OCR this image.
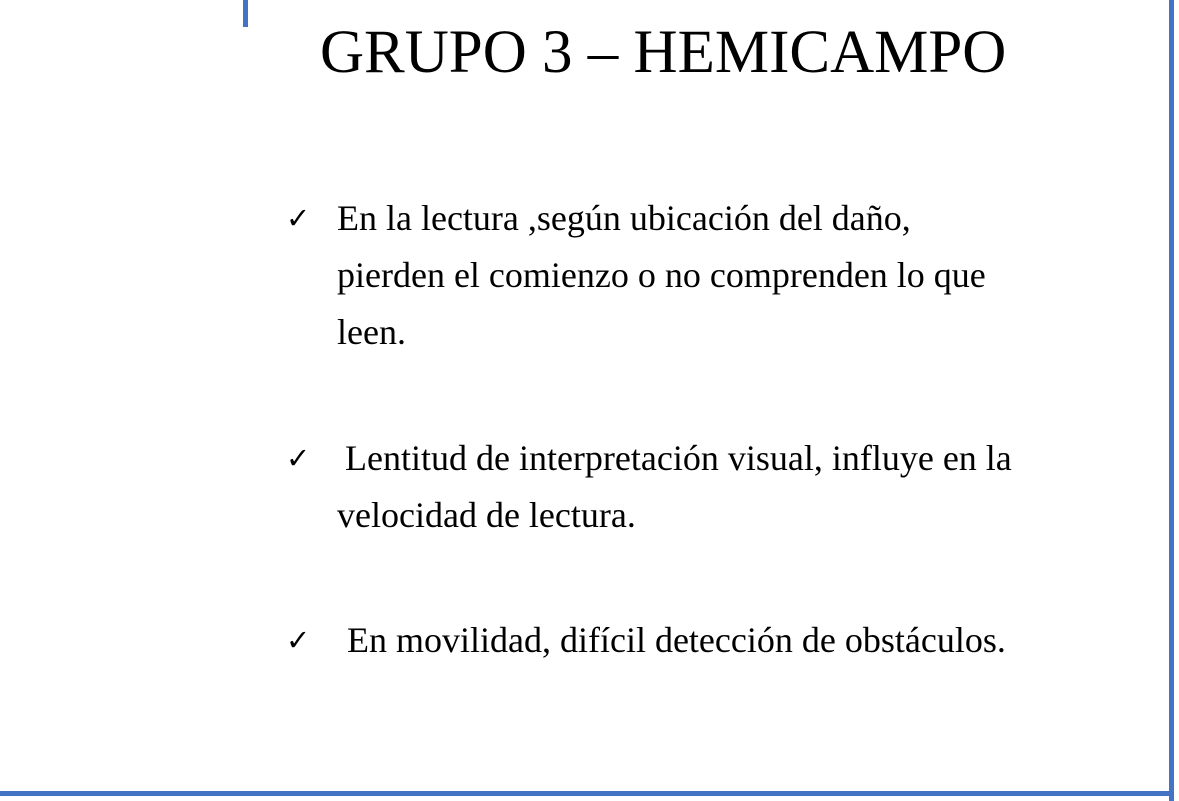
GRUPO 3 – HEMICAMPO
✓ En la lectura ,según ubicación del daño,
pierden el comienzo o no comprenden lo que
leen.
✓ Lentitud de interpretación visual, influye en la
velocidad de lectura.
✓	En movilidad, difícil detección de obstáculos.
